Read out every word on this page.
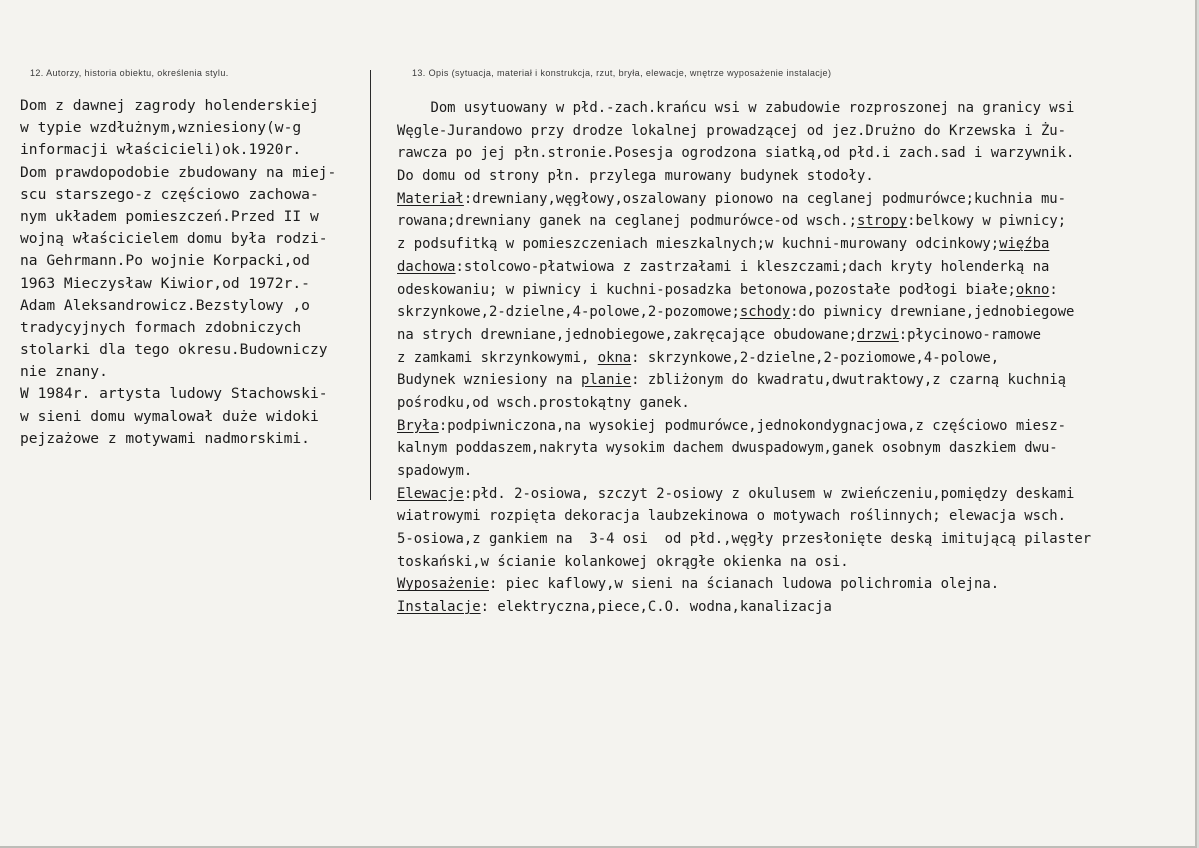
12. Autorzy, historia obiektu, określenia stylu.	13. Opis (sytuacja, materiał i konstrukcja, rzut, bryła, elewacje, wnętrze wyposażenie instalacje)
Dom z dawnej zagrody holenderskiej
w typie wzdłużnym,wzniesiony(w-g
informacji właścicieli)ok.1920r.
Dom prawdopodobie zbudowany na miej-
scu starszego-z częściowo zachowa-
nym układem pomieszczeń.Przed II w
wojną właścicielem domu była rodzi-
na Gehrmann.Po wojnie Korpacki,od
1963 Mieczysław Kiwior,od 1972r.-
Adam Aleksandrowicz.Bezstylowy ,o
tradycyjnych formach zdobniczych
stolarki dla tego okresu.Budowniczy
nie znany.
W 1984r. artysta ludowy Stachowski-
w sieni domu wymalował duże widoki
pejzażowe z motywami nadmorskimi.
Dom usytuowany w płd.-zach.krańcu wsi w zabudowie rozproszonej na granicy wsi
Węgle-Jurandowo przy drodze lokalnej prowadzącej od jez.Drużno do Krzewska i Żu-
rawcza po jej płn.stronie.Posesja ogrodzona siatką,od płd.i zach.sad i warzywnik.
Do domu od strony płn. przylega murowany budynek stodoły.
Materiał:drewniany,węgłowy,oszalowany pionowo na ceglanej podmurówce;kuchnia mu-
rowana;drewniany ganek na ceglanej podmurówce-od wsch.;stropy:belkowy w piwnicy;
z podsufitką w pomieszczeniach mieszkalnych;w kuchni-murowany odcinkowy;więźba
dachowa:stolcowo-płatwiowa z zastrzałami i kleszczami;dach kryty holenderką na
odeskowaniu; w piwnicy i kuchni-posadzka betonowa,pozostałe podłogi białe;okno:
skrzynkowe,2-dzielne,4-polowe,2-pozomowe;schody:do piwnicy drewniane,jednobiegowe
na strych drewniane,jednobiegowe,zakręcające obudowane;drzwi:płycinowo-ramowe
z zamkami skrzynkowymi, okna: skrzynkowe,2-dzielne,2-poziomowe,4-polowe,
Budynek wzniesiony na planie: zbliżonym do kwadratu,dwutraktowy,z czarną kuchnią
pośrodku,od wsch.prostokątny ganek.
Bryła:podpiwniczona,na wysokiej podmurówce,jednokondygnacjowa,z częściowo miesz-
kalnym poddaszem,nakryta wysokim dachem dwuspadowym,ganek osobnym daszkiem dwu-
spadowym.
Elewacje:płd. 2-osiowa, szczyt 2-osiowy z okulusem w zwieńczeniu,pomiędzy deskami
wiatrowymi rozpięta dekoracja laubzekinowa o motywach roślinnych; elewacja wsch.
5-osiowa,z gankiem na  3-4 osi  od płd.,węgły przesłonięte deską imitującą pilaster
toskański,w ścianie kolankowej okrągłe okienka na osi.
Wyposażenie: piec kaflowy,w sieni na ścianach ludowa polichromia olejna.
Instalacje: elektryczna,piece,C.O. wodna,kanalizacja
